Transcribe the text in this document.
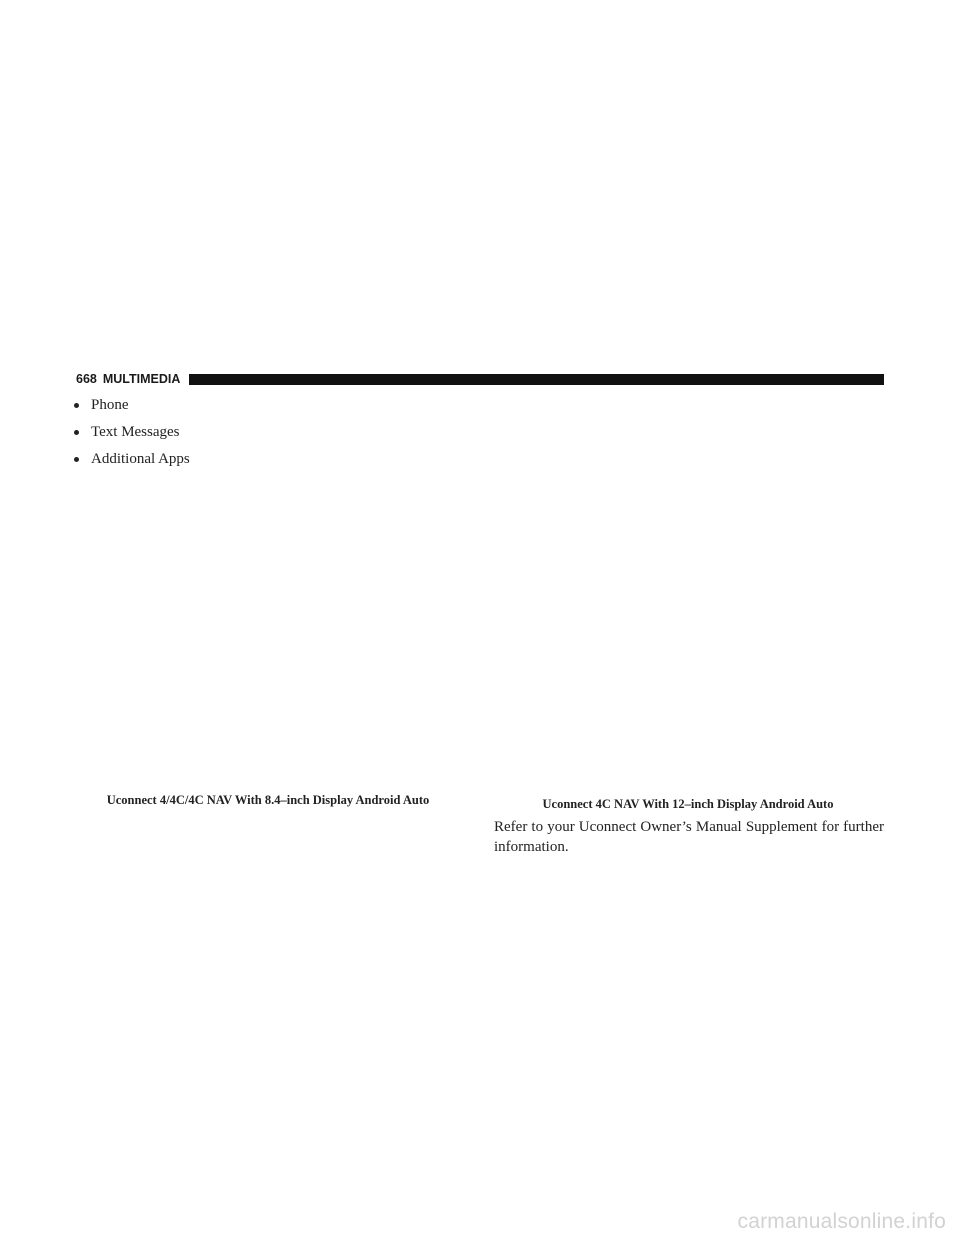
668 MULTIMEDIA
Phone
Text Messages
Additional Apps
Uconnect 4/4C/4C NAV With 8.4–inch Display Android Auto	Uconnect 4C NAV With 12–inch Display Android Auto

Refer to your Uconnect Owner’s Manual Supplement for further information.

carmanualsonline.info
